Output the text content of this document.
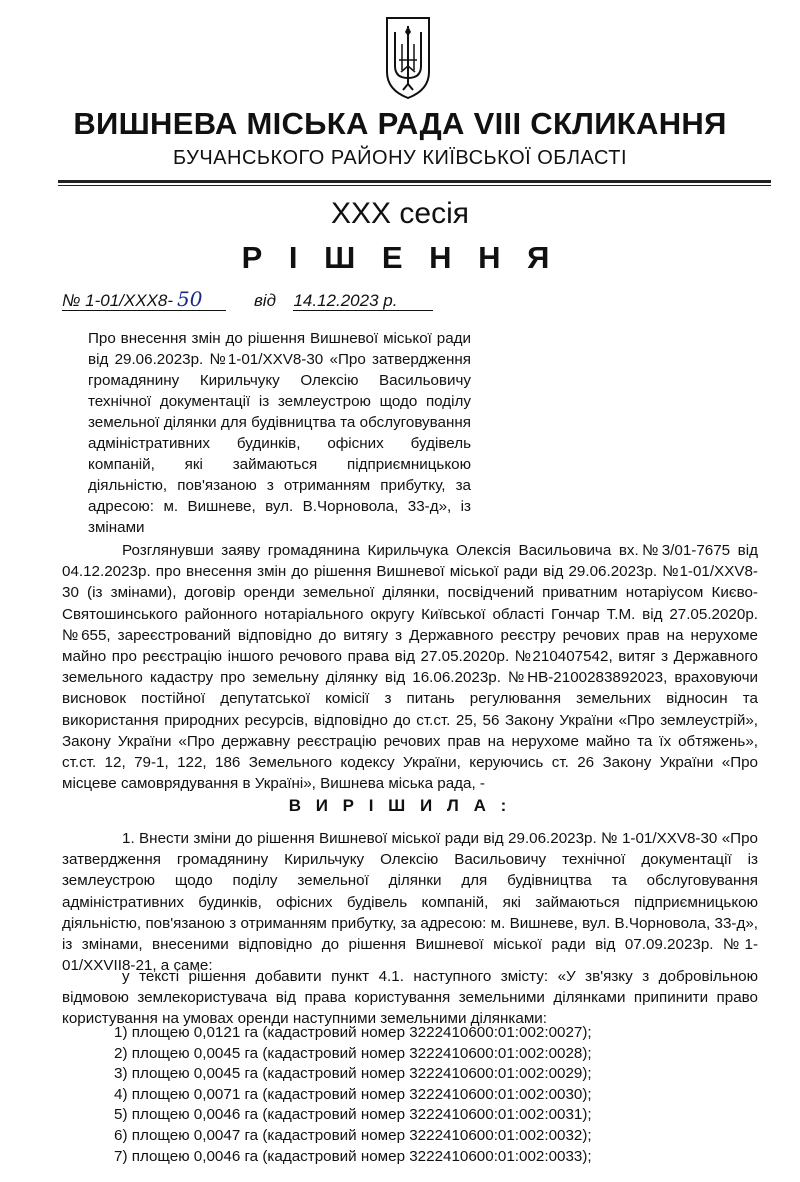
ВИШНЕВА МІСЬКА РАДА VIII СКЛИКАННЯ
БУЧАНСЬКОГО РАЙОНУ КИЇВСЬКОЇ ОБЛАСТІ
XXX сесія
Р І Ш Е Н Н Я
№ 1-01/XXX8- 50	від 14.12.2023 р.
Про внесення змін до рішення Вишневої міської ради від 29.06.2023р. №1-01/XXV8-30 «Про затвердження громадянину Кирильчуку Олексію Васильовичу технічної документації із землеустрою щодо поділу земельної ділянки для будівництва та обслуговування адміністративних будинків, офісних будівель компаній, які займаються підприємницькою діяльністю, пов'язаною з отриманням прибутку, за адресою: м. Вишневе, вул. В.Чорновола, 33-д», із змінами
Розглянувши заяву громадянина Кирильчука Олексія Васильовича вх.№3/01-7675 від 04.12.2023р. про внесення змін до рішення Вишневої міської ради від 29.06.2023р. №1-01/XXV8-30 (із змінами), договір оренди земельної ділянки, посвідчений приватним нотаріусом Києво-Святошинського районного нотаріального округу Київської області Гончар Т.М. від 27.05.2020р. №655, зареєстрований відповідно до витягу з Державного реєстру речових прав на нерухоме майно про реєстрацію іншого речового права від 27.05.2020р. №210407542, витяг з Державного земельного кадастру про земельну ділянку від 16.06.2023р. №НВ-2100283892023, враховуючи висновок постійної депутатської комісії з питань регулювання земельних відносин та використання природних ресурсів, відповідно до ст.ст. 25, 56 Закону України «Про землеустрій», Закону України «Про державну реєстрацію речових прав на нерухоме майно та їх обтяжень», ст.ст. 12, 79-1, 122, 186 Земельного кодексу України, керуючись ст. 26 Закону України «Про місцеве самоврядування в Україні», Вишнева міська рада, -
В И Р І Ш И Л А :
1. Внести зміни до рішення Вишневої міської ради від 29.06.2023р. № 1-01/XXV8-30 «Про затвердження громадянину Кирильчуку Олексію Васильовичу технічної документації із землеустрою щодо поділу земельної ділянки для будівництва та обслуговування адміністративних будинків, офісних будівель компаній, які займаються підприємницькою діяльністю, пов'язаною з отриманням прибутку, за адресою: м. Вишневе, вул. В.Чорновола, 33-д», із змінами, внесеними відповідно до рішення Вишневої міської ради від 07.09.2023р. №1-01/XXVII8-21, а саме:
у тексті рішення добавити пункт 4.1. наступного змісту: «У зв'язку з добровільною відмовою землекористувача від права користування земельними ділянками припинити право користування на умовах оренди наступними земельними ділянками:
1) площею 0,0121 га (кадастровий номер 3222410600:01:002:0027);
2) площею 0,0045 га (кадастровий номер 3222410600:01:002:0028);
3) площею 0,0045 га (кадастровий номер 3222410600:01:002:0029);
4) площею 0,0071 га (кадастровий номер 3222410600:01:002:0030);
5) площею 0,0046 га (кадастровий номер 3222410600:01:002:0031);
6) площею 0,0047 га (кадастровий номер 3222410600:01:002:0032);
7) площею 0,0046 га (кадастровий номер 3222410600:01:002:0033);
